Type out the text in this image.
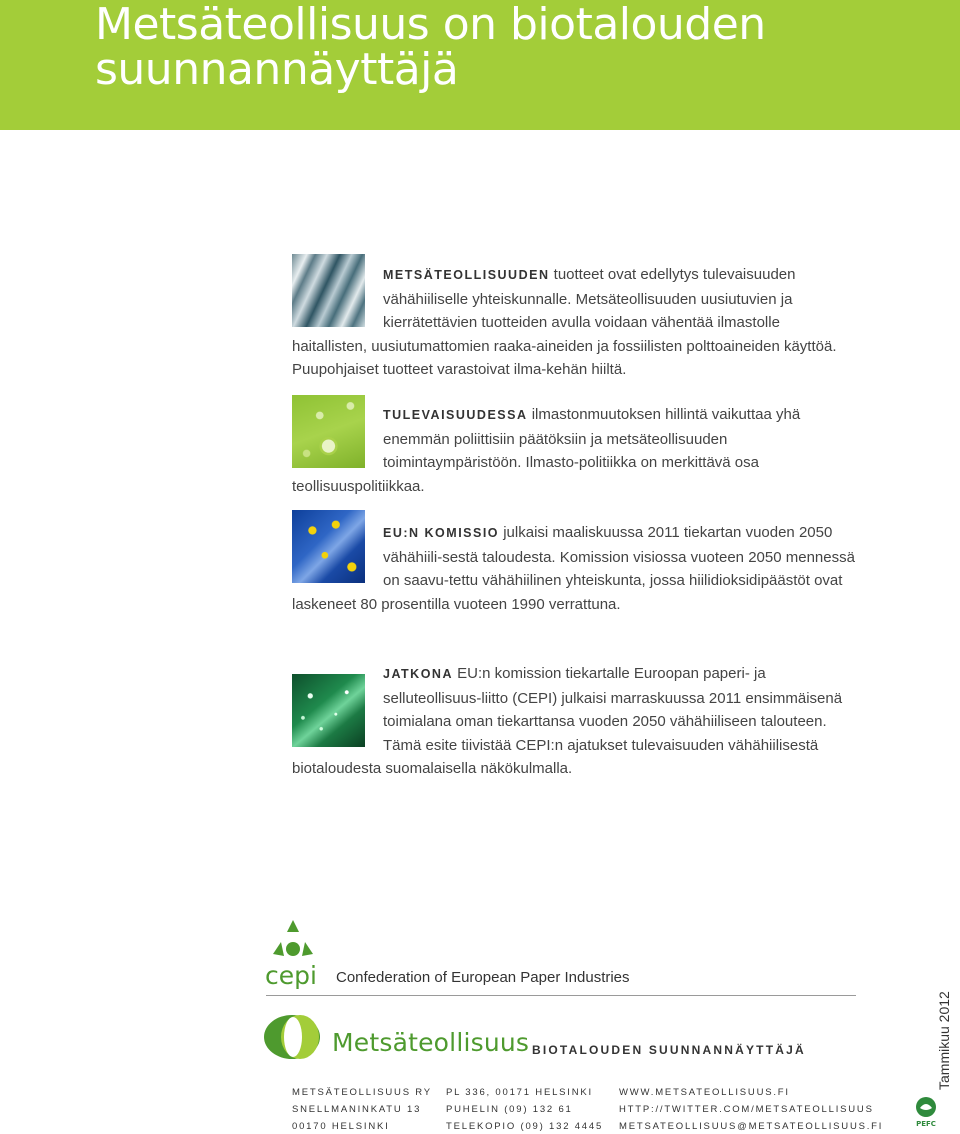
Metsäteollisuus on biotalouden
suunnannäyttäjä
METSÄTEOLLISUUDEN tuotteet ovat edellytys tulevaisuuden vähähiiliselle yhteiskunnalle. Metsäteollisuuden uusiutuvien ja kierrätettävien tuotteiden avulla voidaan vähentää ilmastolle haitallisten, uusiutumattomien raaka-aineiden ja fossiilisten polttoaineiden käyttöä. Puupohjaiset tuotteet varastoivat ilma-kehän hiiltä.
TULEVAISUUDESSA ilmastonmuutoksen hillintä vaikuttaa yhä enemmän poliittisiin päätöksiin ja metsäteollisuuden toimintaympäristöön. Ilmasto-politiikka on merkittävä osa teollisuuspolitiikkaa.
EU:N KOMISSIO julkaisi maaliskuussa 2011 tiekartan vuoden 2050 vähähiili-sestä taloudesta. Komission visiossa vuoteen 2050 mennessä on saavu-tettu vähähiilinen yhteiskunta, jossa hiilidioksidipäästöt ovat laskeneet 80 prosentilla vuoteen 1990 verrattuna.
JATKONA EU:n komission tiekartalle Euroopan paperi- ja selluteollisuus-liitto (CEPI) julkaisi marraskuussa 2011 ensimmäisenä toimialana oman tiekarttansa vuoden 2050 vähähiiliseen talouteen. Tämä esite tiivistää CEPI:n ajatukset tulevaisuuden vähähiilisestä biotaloudesta suomalaisella näkökulmalla.
cepi Confederation of European Paper Industries
Metsäteollisuus BIOTALOUDEN SUUNNANNÄYTTÄJÄ
METSÄTEOLLISUUS RY
SNELLMANINKATU 13
00170 HELSINKI
PL 336, 00171 HELSINKI
PUHELIN (09) 132 61
TELEKOPIO (09) 132 4445
WWW.METSATEOLLISUUS.FI
HTTP://TWITTER.COM/METSATEOLLISUUS
METSATEOLLISUUS@METSATEOLLISUUS.FI
Tammikuu 2012
PEFC
